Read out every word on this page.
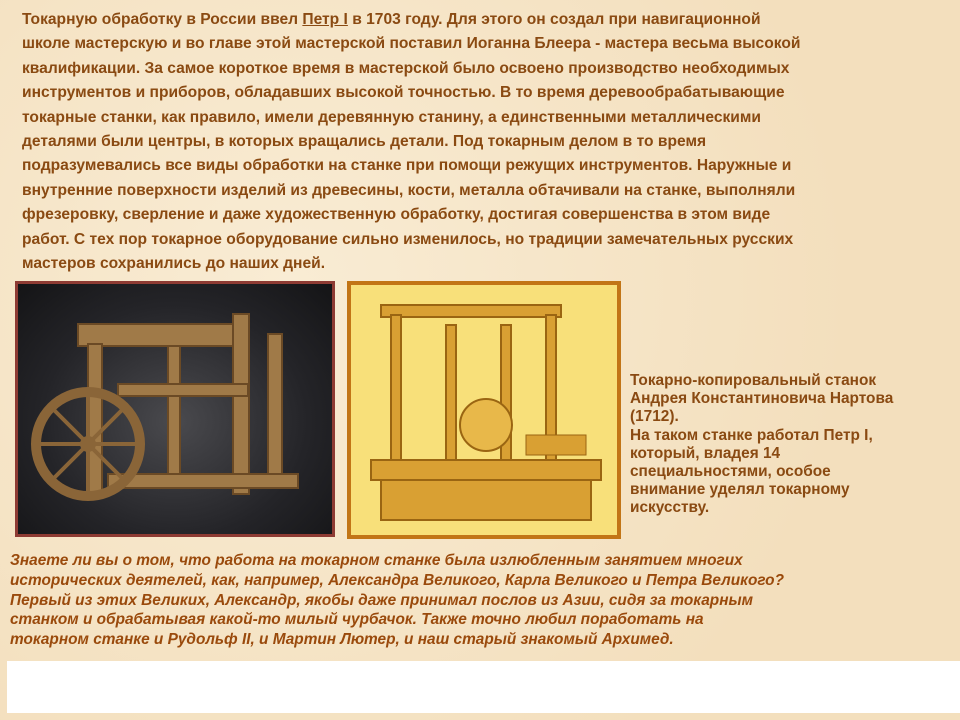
Токарную обработку в России ввел Петр I в 1703 году. Для этого он создал при навигационной
школе мастерскую и во главе этой мастерской поставил Иоганна Блеера - мастера весьма высокой
квалификации. За самое короткое время в мастерской было освоено производство необходимых
инструментов и приборов, обладавших высокой точностью. В то время деревообрабатывающие
токарные станки, как правило, имели деревянную станину, а единственными металлическими
деталями были центры, в которых вращались детали. Под токарным делом в то время
подразумевались все виды обработки на станке при помощи режущих инструментов. Наружные и
внутренние поверхности изделий из древесины, кости, металла обтачивали на станке, выполняли
фрезеровку, сверление и даже художественную обработку, достигая совершенства в этом виде
работ. С тех пор токарное оборудование сильно изменилось, но традиции замечательных русских
мастеров сохранились до наших дней.
Токарно-копировальный станок
Андрея Константиновича Нартова
(1712).
На таком станке работал Петр I,
который, владея 14
специальностями, особое
внимание уделял токарному
искусству.
Знаете ли вы о том, что работа на токарном станке была излюбленным занятием многих
исторических деятелей, как, например, Александра Великого, Карла Великого и Петра Великого?
Первый из этих Великих, Александр, якобы даже принимал послов из Азии, сидя за токарным
станком и обрабатывая какой-то милый чурбачок. Также точно любил поработать на
токарном станке и Рудольф II, и Мартин Лютер, и наш старый знакомый Архимед.
